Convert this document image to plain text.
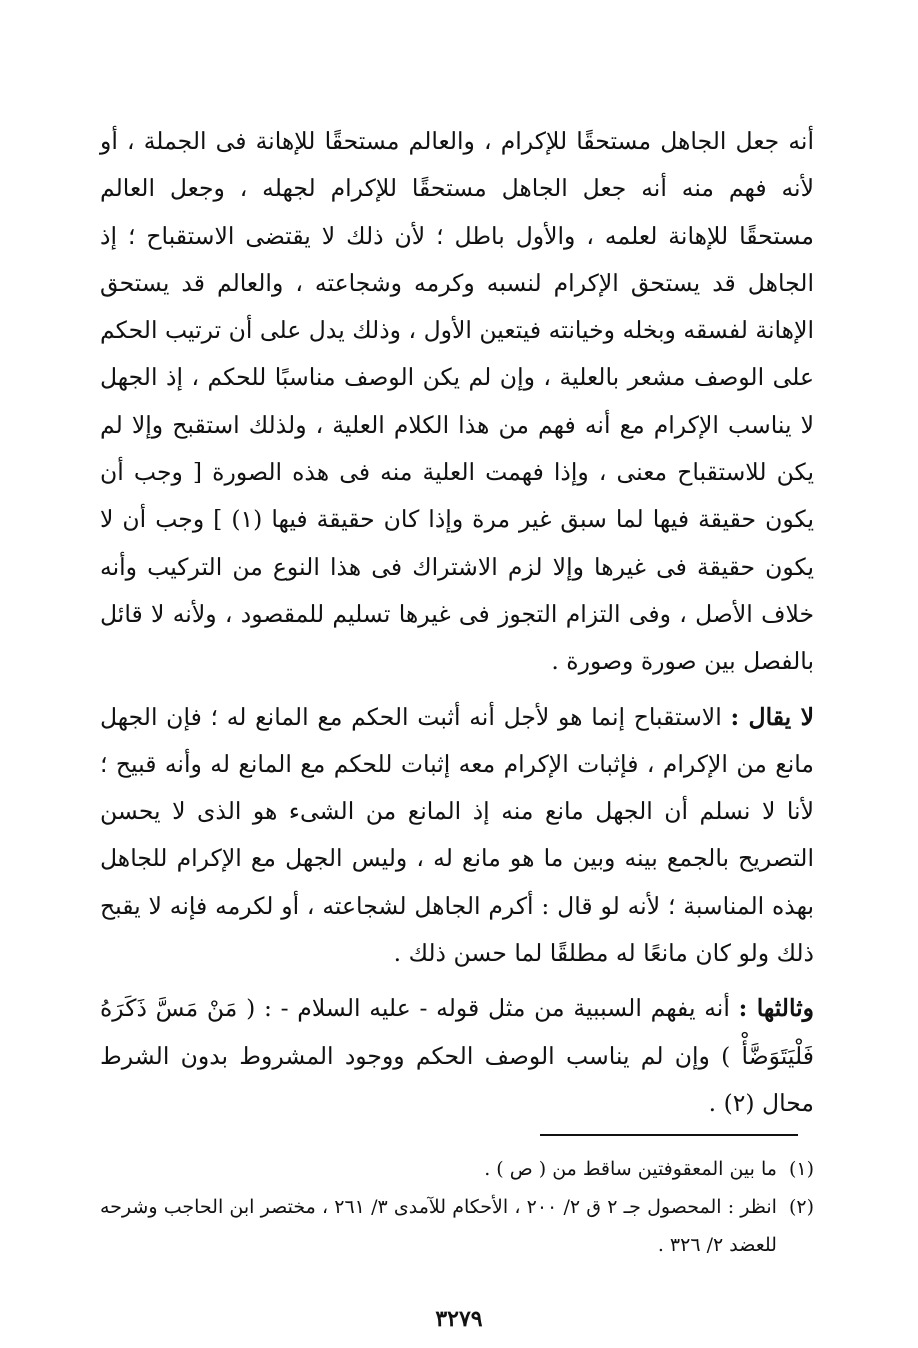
أنه جعل الجاهل مستحقًا للإكرام ، والعالم مستحقًا للإهانة فى الجملة ، أو لأنه فهم منه أنه جعل الجاهل مستحقًا للإكرام لجهله ، وجعل العالم مستحقًا للإهانة لعلمه ، والأول باطل ؛ لأن ذلك لا يقتضى الاستقباح ؛ إذ الجاهل قد يستحق الإكرام لنسبه وكرمه وشجاعته ، والعالم قد يستحق الإهانة لفسقه وبخله وخيانته فيتعين الأول ، وذلك يدل على أن ترتيب الحكم على الوصف مشعر بالعلية ، وإن لم يكن الوصف مناسبًا للحكم ، إذ الجهل لا يناسب الإكرام مع أنه فهم من هذا الكلام العلية ، ولذلك استقبح وإلا لم يكن للاستقباح معنى ، وإذا فهمت العلية منه فى هذه الصورة [ وجب أن يكون حقيقة فيها لما سبق غير مرة وإذا كان حقيقة فيها (١) ] وجب أن لا يكون حقيقة فى غيرها وإلا لزم الاشتراك فى هذا النوع من التركيب وأنه خلاف الأصل ، وفى التزام التجوز فى غيرها تسليم للمقصود ، ولأنه لا قائل بالفصل بين صورة وصورة .

لا يقال : الاستقباح إنما هو لأجل أنه أثبت الحكم مع المانع له ؛ فإن الجهل مانع من الإكرام ، فإثبات الإكرام معه إثبات للحكم مع المانع له وأنه قبيح ؛ لأنا لا نسلم أن الجهل مانع منه إذ المانع من الشىء هو الذى لا يحسن التصريح بالجمع بينه وبين ما هو مانع له ، وليس الجهل مع الإكرام للجاهل بهذه المناسبة ؛ لأنه لو قال : أكرم الجاهل لشجاعته ، أو لكرمه فإنه لا يقبح ذلك ولو كان مانعًا له مطلقًا لما حسن ذلك .

وثالثها : أنه يفهم السببية من مثل قوله - عليه السلام - : ( مَنْ مَسَّ ذَكَرَهُ فَلْيَتَوَضَّأْ ) وإن لم يناسب الوصف الحكم ووجود المشروط بدون الشرط محال (٢) .

(١)
ما بين المعقوفتين ساقط من ( ص ) .
(٢)
انظر : المحصول جـ ٢ ق ٢/ ٢٠٠ ، الأحكام للآمدى ٣/ ٢٦١ ، مختصر ابن الحاجب وشرحه للعضد ٢/ ٣٢٦ .
٣٢٧٩
